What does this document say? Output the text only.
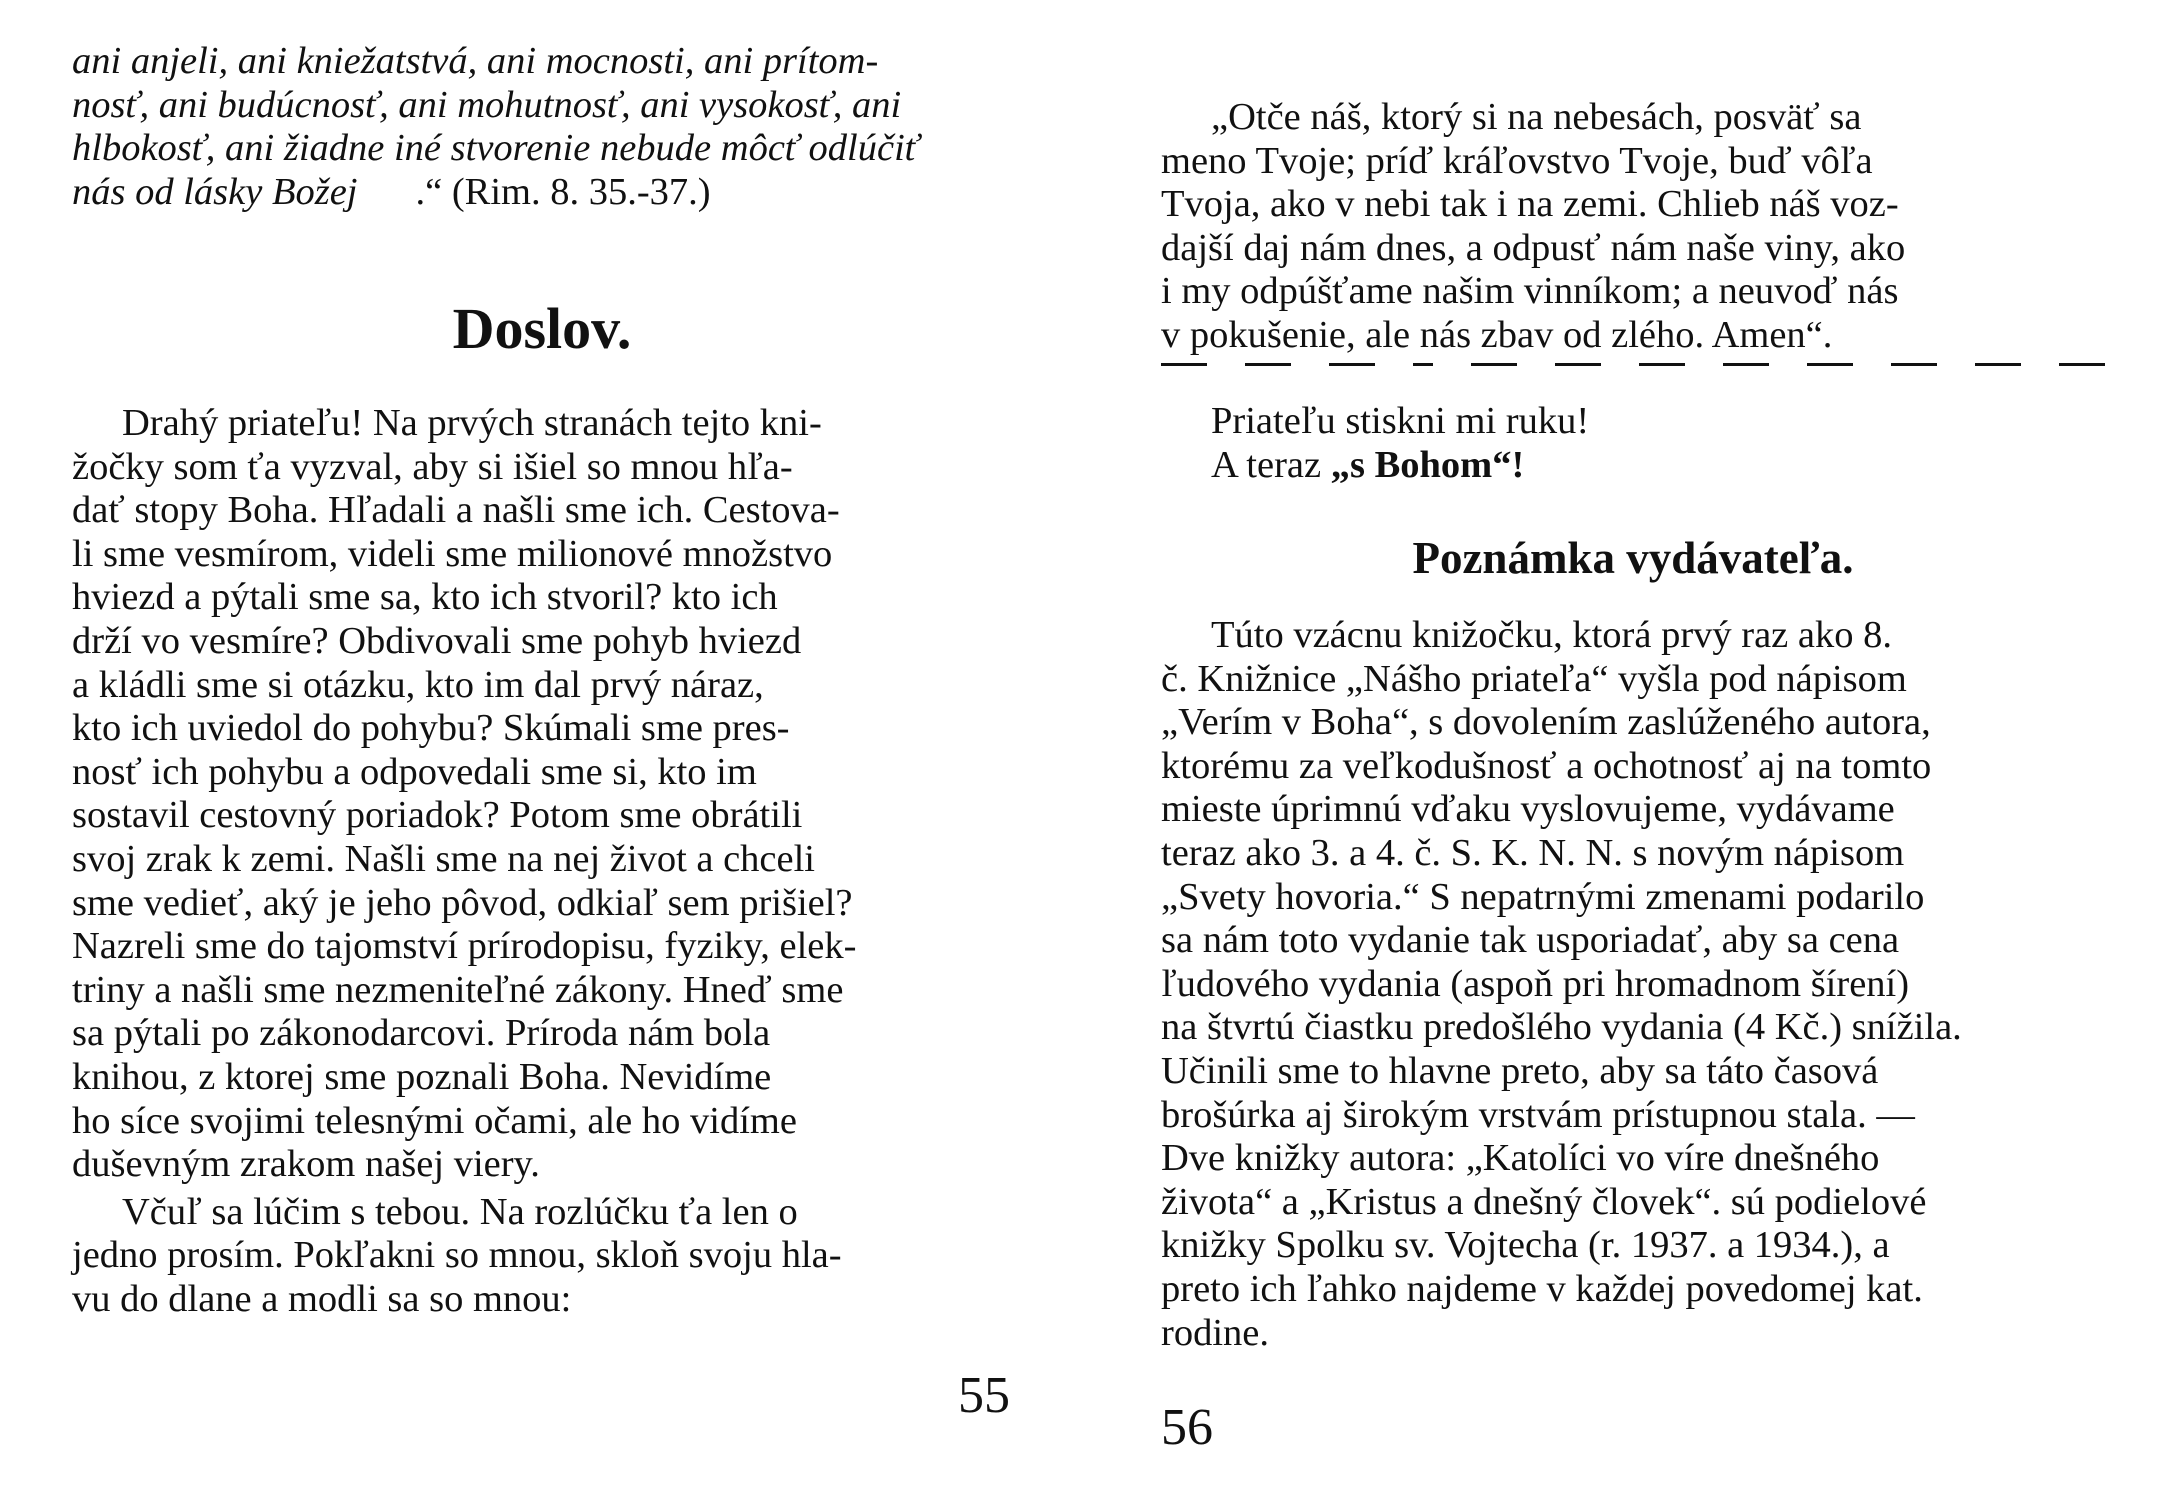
ani anjeli, ani kniežatstvá, ani mocnosti, ani prítom-
nosť, ani budúcnosť, ani mohutnosť, ani vysokosť, ani
hlbokosť, ani žiadne iné stvorenie nebude môcť odlúčiť
nás od lásky Božej .“ (Rim. 8. 35.-37.)
Doslov.
Drahý priateľu! Na prvých stranách tejto kni-
žočky som ťa vyzval, aby si išiel so mnou hľa-
dať stopy Boha. Hľadali a našli sme ich. Cestova-
li sme vesmírom, videli sme milionové množstvo
hviezd a pýtali sme sa, kto ich stvoril? kto ich
drží vo vesmíre? Obdivovali sme pohyb hviezd
a kládli sme si otázku, kto im dal prvý náraz,
kto ich uviedol do pohybu? Skúmali sme pres-
nosť ich pohybu a odpovedali sme si, kto im
sostavil cestovný poriadok? Potom sme obrátili
svoj zrak k zemi. Našli sme na nej život a chceli
sme vedieť, aký je jeho pôvod, odkiaľ sem prišiel?
Nazreli sme do tajomství prírodopisu, fyziky, elek-
triny a našli sme nezmeniteľné zákony. Hneď sme
sa pýtali po zákonodarcovi. Príroda nám bola
knihou, z ktorej sme poznali Boha. Nevidíme
ho síce svojimi telesnými očami, ale ho vidíme
duševným zrakom našej viery.
Včuľ sa lúčim s tebou. Na rozlúčku ťa len o
jedno prosím. Pokľakni so mnou, skloň svoju hla-
vu do dlane a modli sa so mnou:
55
„Otče náš, ktorý si na nebesách, posväť sa
meno Tvoje; príď kráľovstvo Tvoje, buď vôľa
Tvoja, ako v nebi tak i na zemi. Chlieb náš voz-
dajší daj nám dnes, a odpusť nám naše viny, ako
i my odpúšťame našim vinníkom; a neuvoď nás
v pokušenie, ale nás zbav od zlého. Amen“.
Priateľu stiskni mi ruku!
A teraz „s Bohom“!
Poznámka vydávateľa.
Túto vzácnu knižočku, ktorá prvý raz ako 8.
č. Knižnice „Nášho priateľa“ vyšla pod nápisom
„Verím v Boha“, s dovolením zaslúženého autora,
ktorému za veľkodušnosť a ochotnosť aj na tomto
mieste úprimnú vďaku vyslovujeme, vydávame
teraz ako 3. a 4. č. S. K. N. N. s novým nápisom
„Svety hovoria.“ S nepatrnými zmenami podarilo
sa nám toto vydanie tak usporiadať, aby sa cena
ľudového vydania (aspoň pri hromadnom šírení)
na štvrtú čiastku predošlého vydania (4 Kč.) snížila.
Učinili sme to hlavne preto, aby sa táto časová
brošúrka aj širokým vrstvám prístupnou stala. —
Dve knižky autora: „Katolíci vo víre dnešného
života“ a „Kristus a dnešný človek“. sú podielové
knižky Spolku sv. Vojtecha (r. 1937. a 1934.), a
preto ich ľahko najdeme v každej povedomej kat.
rodine.
56
